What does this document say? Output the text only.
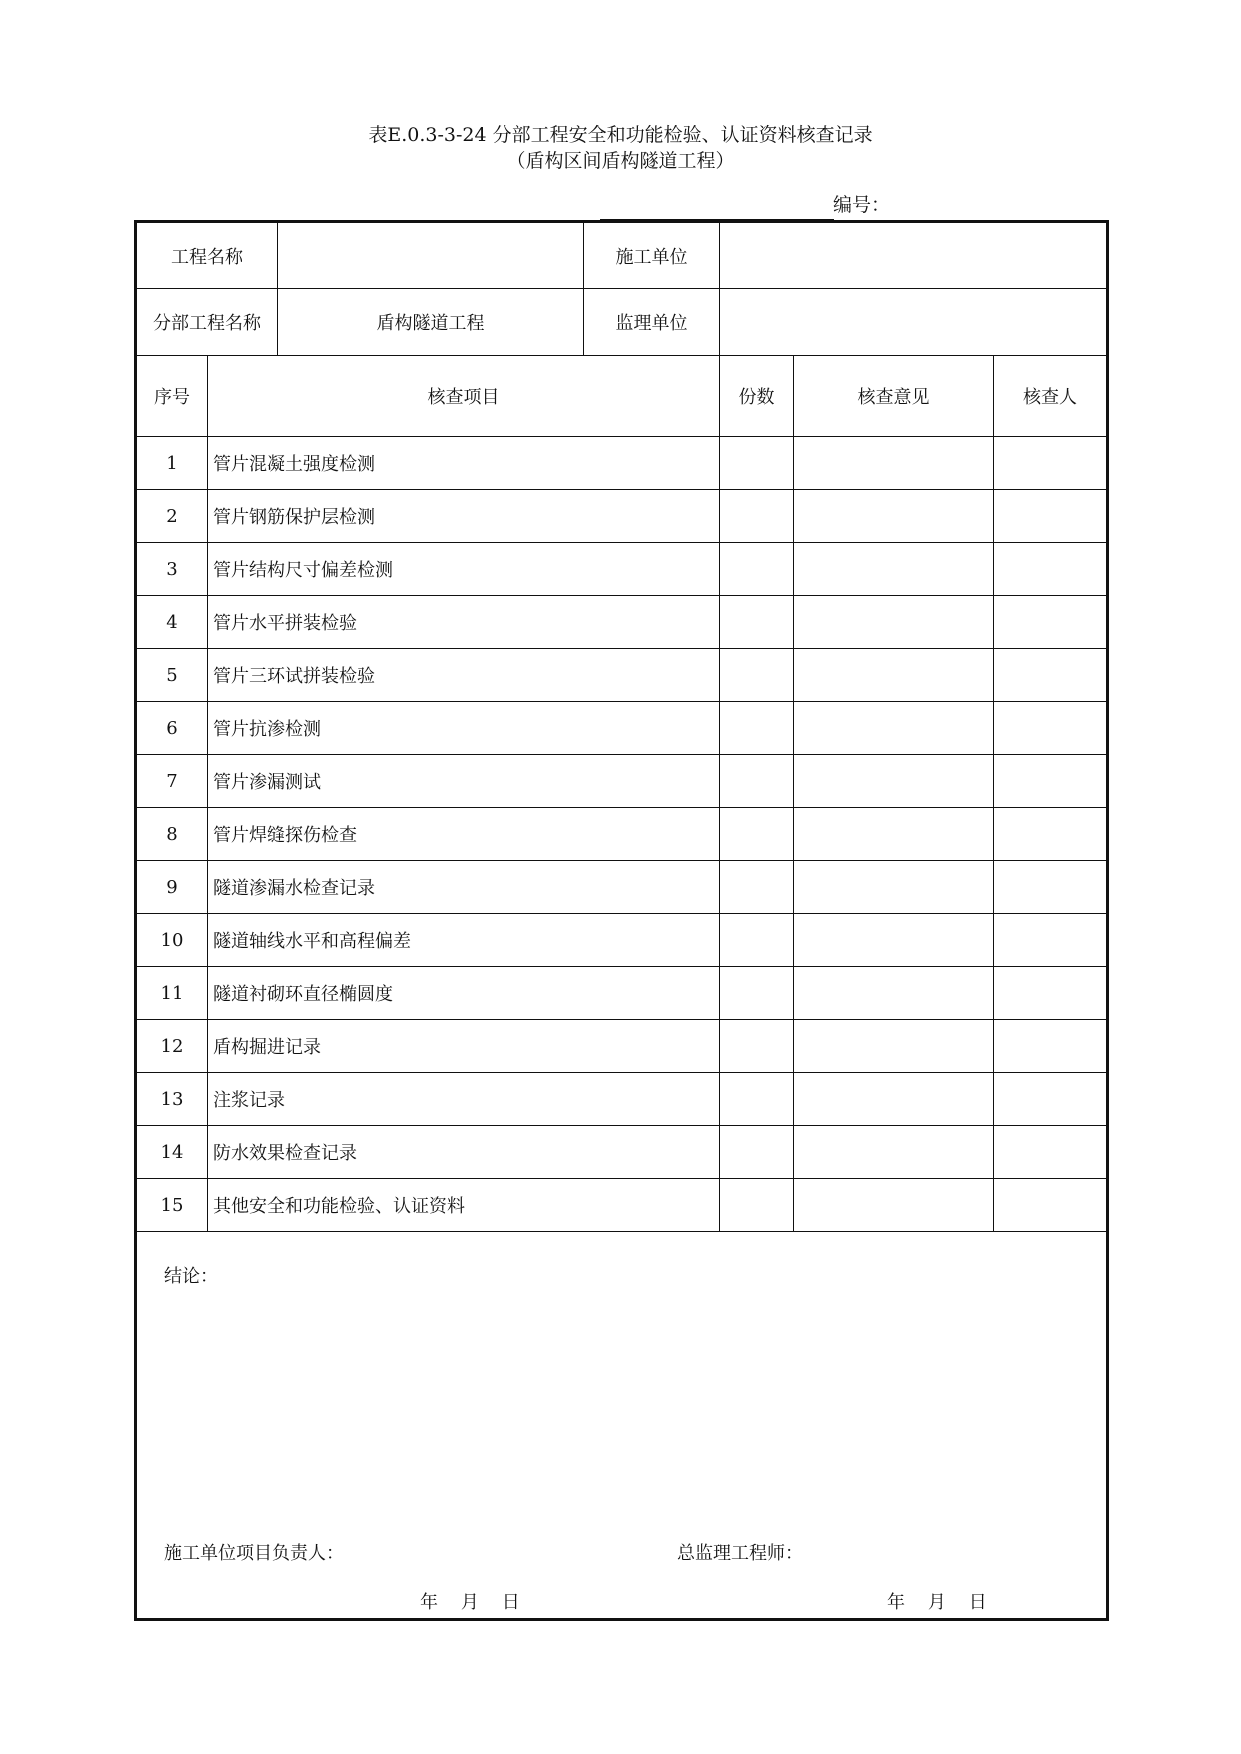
表E.0.3-3-24 分部工程安全和功能检验、认证资料核查记录
（盾构区间盾构隧道工程）
编号：
工程名称			施工单位			
分部工程名称		盾构隧道工程	监理单位			
序号	核查项目			份数	核查意见	核查人
1	管片混凝土强度检测					
2	管片钢筋保护层检测					
3	管片结构尺寸偏差检测					
4	管片水平拼装检验					
5	管片三环试拼装检验					
6	管片抗渗检测					
7	管片渗漏测试					
8	管片焊缝探伤检查					
9	隧道渗漏水检查记录					
10	隧道轴线水平和高程偏差					
11	隧道衬砌环直径椭圆度					
12	盾构掘进记录					
13	注浆记录					
14	防水效果检查记录					
15	其他安全和功能检验、认证资料					

结论：
施工单位项目负责人： 总监理工程师：
年    月    日 年    月    日						
